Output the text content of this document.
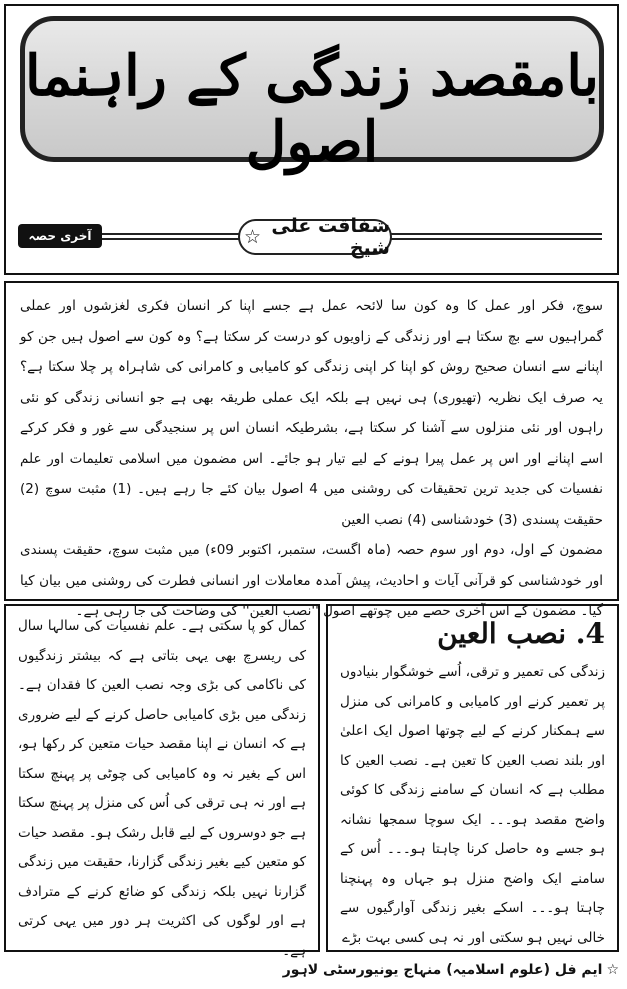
بامقصد زندگی کے راہنما اصول
آخری حصہ	شفاقت علی شیخ
☆

سوچ، فکر اور عمل کا وہ کون سا لائحہ عمل ہے جسے اپنا کر انسان فکری لغزشوں اور عملی گمراہیوں سے بچ سکتا ہے اور زندگی کے زاویوں کو درست کر سکتا ہے؟ وہ کون سے اصول ہیں جن کو اپنانے سے انسان صحیح روش کو اپنا کر اپنی زندگی کو کامیابی و کامرانی کی شاہراہ پر چلا سکتا ہے؟ یہ صرف ایک نظریہ (تھیوری) ہی نہیں ہے بلکہ ایک عملی طریقہ بھی ہے جو انسانی زندگی کو نئی راہوں اور نئی منزلوں سے آشنا کر سکتا ہے، بشرطیکہ انسان اس پر سنجیدگی سے غور و فکر کرکے اسے اپنانے اور اس پر عمل پیرا ہونے کے لیے تیار ہو جائے۔ اس مضمون میں اسلامی تعلیمات اور علم نفسیات کی جدید ترین تحقیقات کی روشنی میں 4 اصول بیان کئے جا رہے ہیں۔ (1) مثبت سوچ (2) حقیقت پسندی (3) خودشناسی (4) نصب العین

مضمون کے اول، دوم اور سوم حصہ (ماہ اگست، ستمبر، اکتوبر 09ء) میں مثبت سوچ، حقیقت پسندی اور خودشناسی کو قرآنی آیات و احادیث، پیش آمدہ معاملات اور انسانی فطرت کی روشنی میں بیان کیا گیا۔ مضمون کے اس آخری حصے میں چوتھے اصول ''نصب العین'' کی وضاحت کی جا رہی ہے۔

4. نصب العین
زندگی کی تعمیر و ترقی، اُسے خوشگوار بنیادوں پر تعمیر کرنے اور کامیابی و کامرانی کی منزل سے ہمکنار کرنے کے لیے چوتھا اصول ایک اعلیٰ اور بلند نصب العین کا تعین ہے۔ نصب العین کا مطلب ہے کہ انسان کے سامنے زندگی کا کوئی واضح مقصد ہو۔۔۔ ایک سوچا سمجھا نشانہ ہو جسے وہ حاصل کرنا چاہتا ہو۔۔۔ اُس کے سامنے ایک واضح منزل ہو جہاں وہ پہنچنا چاہتا ہو۔۔۔ اسکے بغیر زندگی آوارگیوں سے خالی نہیں ہو سکتی اور نہ ہی کسی بہت بڑے
کمال کو پا سکتی ہے۔ علم نفسیات کی سالہا سال کی ریسرچ بھی یہی بتاتی ہے کہ بیشتر زندگیوں کی ناکامی کی بڑی وجہ نصب العین کا فقدان ہے۔ زندگی میں بڑی کامیابی حاصل کرنے کے لیے ضروری ہے کہ انسان نے اپنا مقصد حیات متعین کر رکھا ہو، اس کے بغیر نہ وہ کامیابی کی چوٹی پر پہنچ سکتا ہے اور نہ ہی ترقی کی اُس کی منزل پر پہنچ سکتا ہے جو دوسروں کے لیے قابل رشک ہو۔ مقصد حیات کو متعین کیے بغیر زندگی گزارنا، حقیقت میں زندگی گزارنا نہیں بلکہ زندگی کو ضائع کرنے کے مترادف ہے اور لوگوں کی اکثریت ہر دور میں یہی کرتی ہے۔
☆
ایم فل (علوم اسلامیہ) منہاج یونیورسٹی لاہور
